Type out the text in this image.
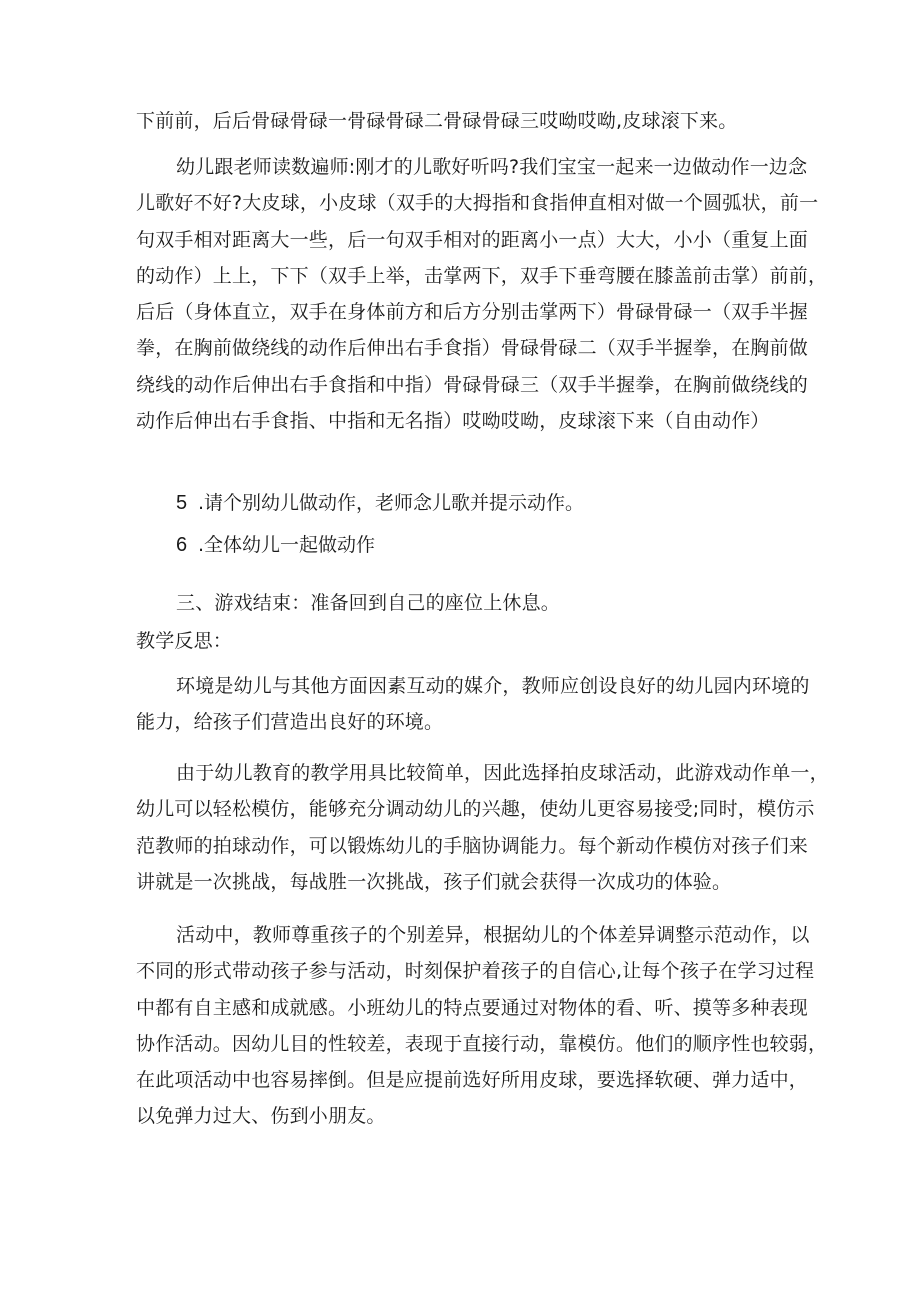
下前前，后后骨碌骨碌一骨碌骨碌二骨碌骨碌三哎呦哎呦,皮球滚下来。

幼儿跟老师读数遍师:刚才的儿歌好听吗?我们宝宝一起来一边做动作一边念
儿歌好不好?大皮球，小皮球（双手的大拇指和食指伸直相对做一个圆弧状，前一
句双手相对距离大一些，后一句双手相对的距离小一点）大大，小小（重复上面
的动作）上上，下下（双手上举，击掌两下，双手下垂弯腰在膝盖前击掌）前前，
后后（身体直立，双手在身体前方和后方分别击掌两下）骨碌骨碌一（双手半握
拳，在胸前做绕线的动作后伸出右手食指）骨碌骨碌二（双手半握拳，在胸前做
绕线的动作后伸出右手食指和中指）骨碌骨碌三（双手半握拳，在胸前做绕线的
动作后伸出右手食指、中指和无名指）哎呦哎呦，皮球滚下来（自由动作）

5 .请个别幼儿做动作，老师念儿歌并提示动作。

6 .全体幼儿一起做动作

三、游戏结束：准备回到自己的座位上休息。

教学反思：

环境是幼儿与其他方面因素互动的媒介，教师应创设良好的幼儿园内环境的
能力，给孩子们营造出良好的环境。

由于幼儿教育的教学用具比较简单，因此选择拍皮球活动，此游戏动作单一，
幼儿可以轻松模仿，能够充分调动幼儿的兴趣，使幼儿更容易接受;同时，模仿示
范教师的拍球动作，可以锻炼幼儿的手脑协调能力。每个新动作模仿对孩子们来
讲就是一次挑战，每战胜一次挑战，孩子们就会获得一次成功的体验。

活动中，教师尊重孩子的个别差异，根据幼儿的个体差异调整示范动作，以
不同的形式带动孩子参与活动，时刻保护着孩子的自信心,让每个孩子在学习过程
中都有自主感和成就感。小班幼儿的特点要通过对物体的看、听、摸等多种表现
协作活动。因幼儿目的性较差，表现于直接行动，靠模仿。他们的顺序性也较弱，
在此项活动中也容易摔倒。但是应提前选好所用皮球，要选择软硬、弹力适中，
以免弹力过大、伤到小朋友。
